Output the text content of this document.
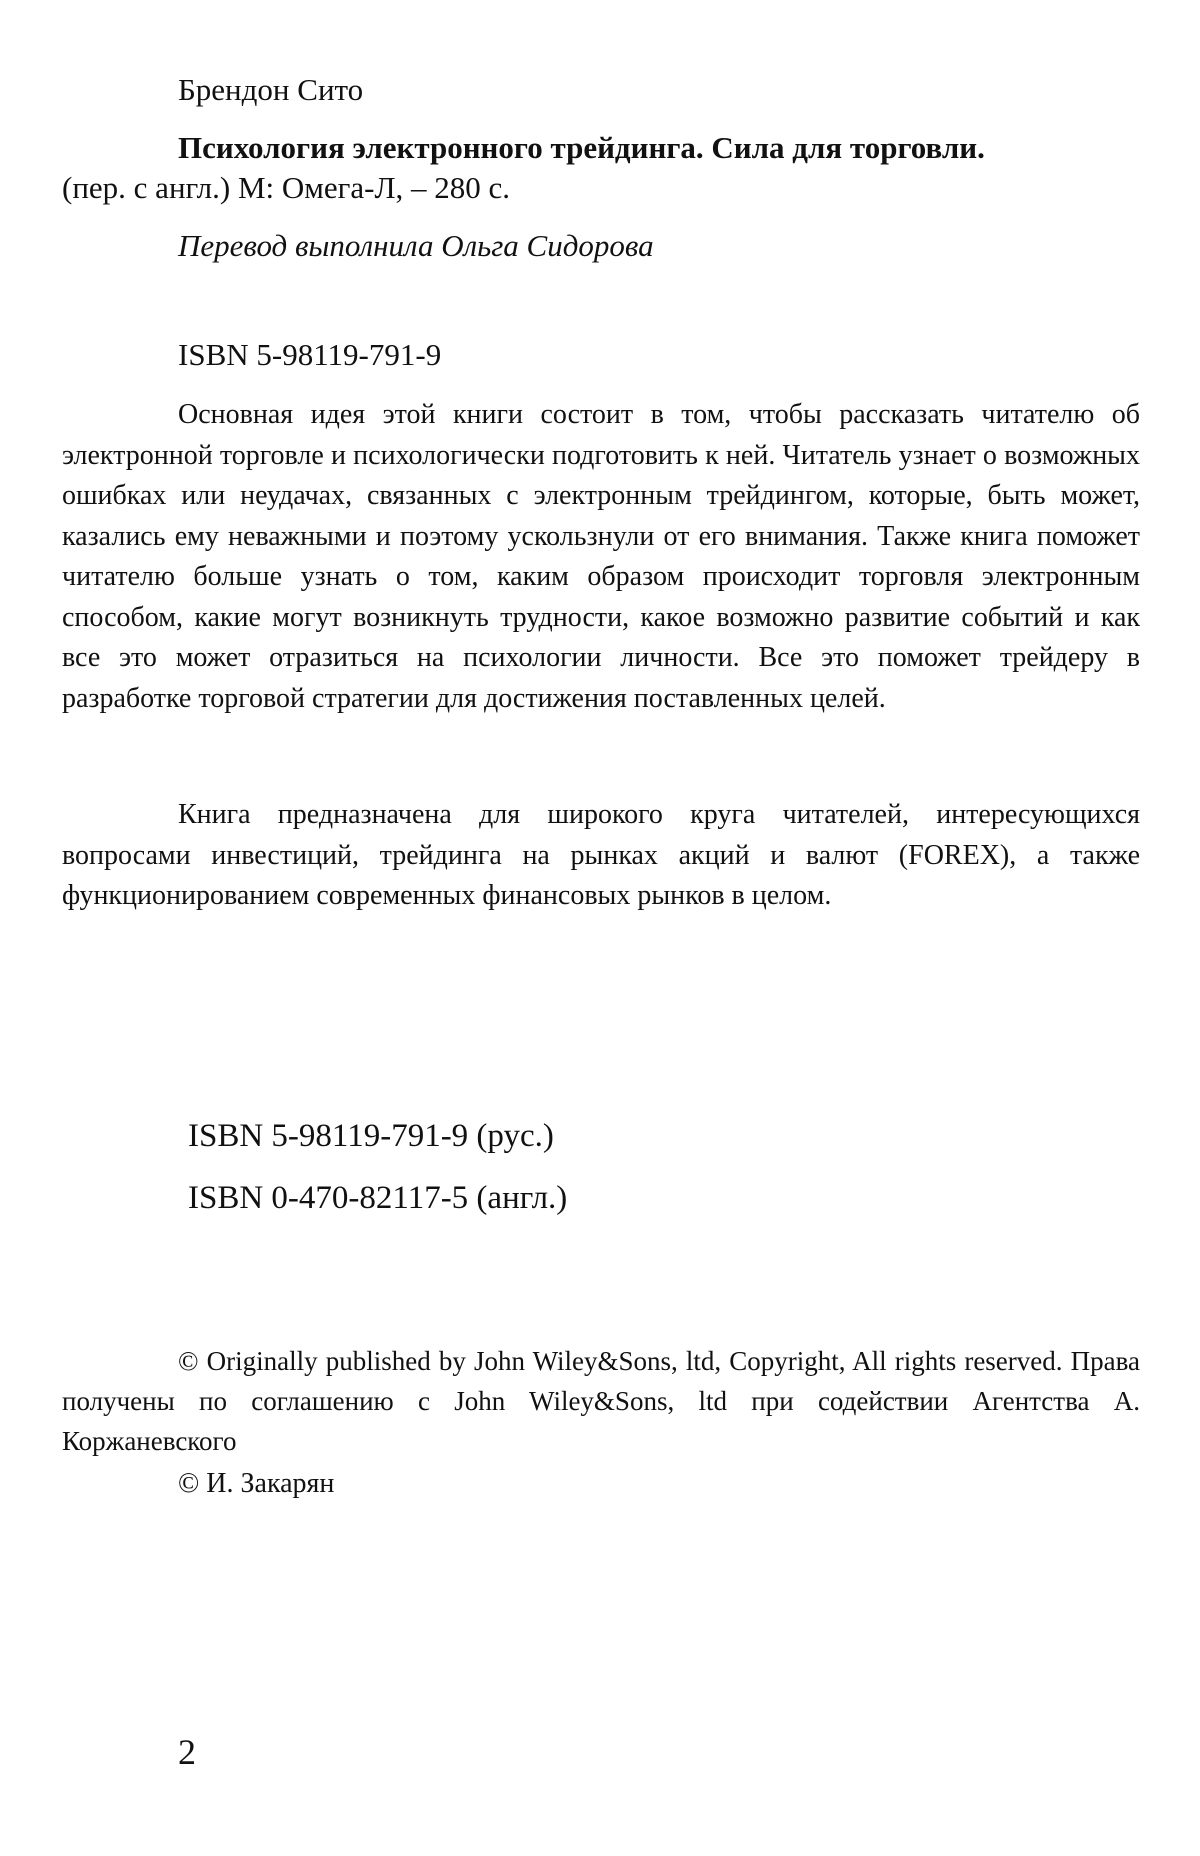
Брендон Сито
Психология электронного трейдинга. Сила для торговли.
(пер. с англ.) М: Омега-Л, – 280 с.
Перевод выполнила Ольга Сидорова
ISBN 5-98119-791-9
Основная идея этой книги состоит в том, чтобы рассказать читателю об электронной торговле и психологически подготовить к ней. Читатель узнает о возможных ошибках или неудачах, связанных с электронным трейдингом, которые, быть может, казались ему неважными и поэтому ускользнули от его внимания. Также книга поможет читателю больше узнать о том, каким образом происходит торговля электронным способом, какие могут возникнуть трудности, какое возможно развитие событий и как все это может отразиться на психологии личности. Все это поможет трейдеру в разработке торговой стратегии для достижения поставленных целей.
Книга предназначена для широкого круга читателей, интересующихся вопросами инвестиций, трейдинга на рынках акций и валют (FOREX), а также функционированием современных финансовых рынков в целом.
ISBN 5-98119-791-9 (рус.)
ISBN 0-470-82117-5 (англ.)
© Originally published by John Wiley&Sons, ltd, Copyright, All rights reserved. Права получены по соглашению с John Wiley&Sons, ltd при содействии Агентства А. Коржаневского
© И. Закарян
2
